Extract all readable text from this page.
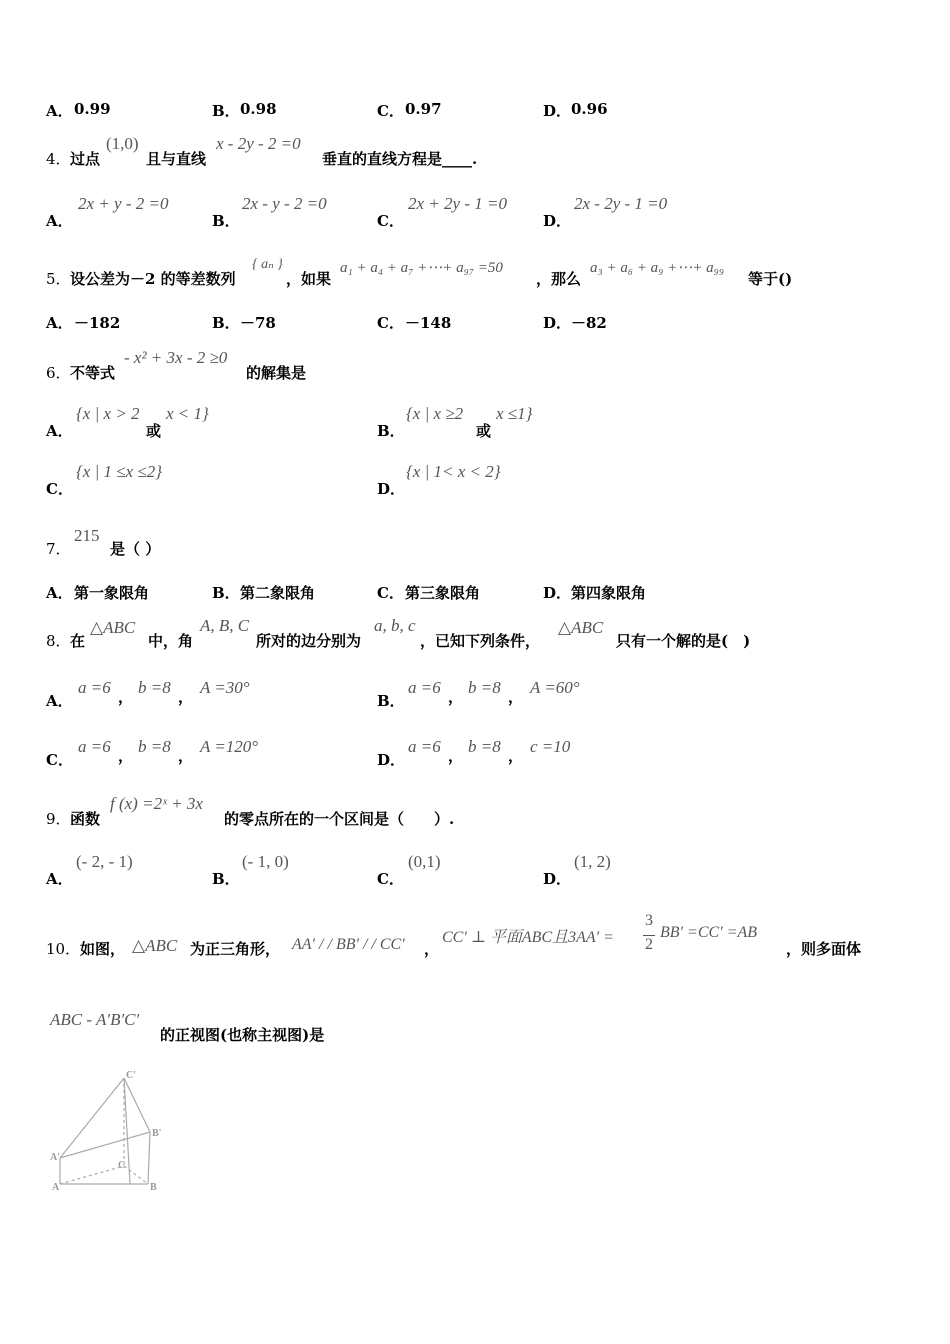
A． 0.99	B． 0.98	C． 0.97	D． 0.96
4． 过点
(1,0)
且与直线
x - 2y - 2 =0
垂直的直线方程是____.
A．
2x + y - 2 =0
B．
2x - y - 2 =0
C．
2x + 2y - 1 =0
D．
2x - 2y - 1 =0
5． 设公差为－2 的等差数列
{ aₙ }
，如果
a₁ + a₄ + a₇ +⋯+ a₉₇ =50
，那么
a₃ + a₆ + a₉ +⋯+ a₉₉
等于()
A． －182	B． －78	C． －148	D． －82
6． 不等式
- x² + 3x - 2 ≥0
的解集是
A．
{x | x > 2
或
x < 1}
B．
{x | x ≥2
或
x ≤1}
C．
{x | 1 ≤x ≤2}
D．
{x | 1< x < 2}
7．
215
是（ ）
A． 第一象限角	B． 第二象限角	C． 第三象限角	D． 第四象限角
8． 在
△ABC
中，角
A, B, C
所对的边分别为
a, b, c
，已知下列条件，
△ABC
只有一个解的是(　)
A．
a =6 ， b =8 ， A =30°
B．
a =6 ， b =8 ， A =60°
C．
a =6 ， b =8 ， A =120°
D．
a =6 ， b =8 ， c =10
9． 函数
f (x) =2ˣ + 3x
的零点所在的一个区间是（　　）.
A．
(- 2, - 1)
B．
(- 1, 0)
C．
(0,1)
D．
(1, 2)
10． 如图， △ABC 为正三角形， AA′ / / BB′ / / CC′ ，
CC′ ⊥ 平面ABC且3AA′ =
3
2
BB′ =CC′ =AB
，则多面体
ABC - A′B′C′
的正视图(也称主视图)是
C'
B'
A'
C
A	B
